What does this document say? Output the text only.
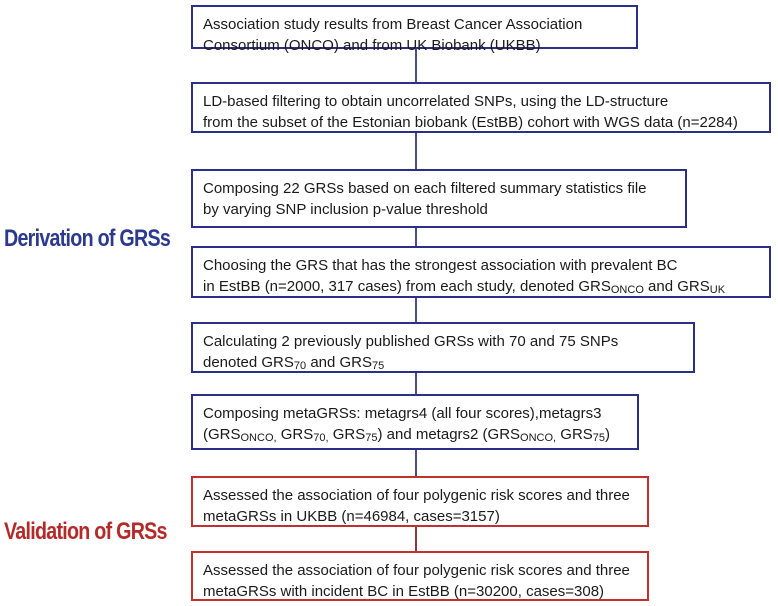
Derivation of GRSs
Validation of GRSs

Association study results from Breast Cancer Association

Consortium (ONCO) and from UK Biobank (UKBB)

LD-based filtering to obtain uncorrelated SNPs, using the LD-structure

from the subset of the Estonian biobank (EstBB) cohort with WGS data (n=2284)

Composing 22 GRSs based on each filtered summary statistics file

by varying SNP inclusion p-value threshold

Choosing the GRS that has the strongest association with prevalent BC

in EstBB (n=2000, 317 cases) from each study, denoted GRSONCO and GRSUK

Calculating 2 previously published GRSs with 70 and 75 SNPs

denoted GRS70 and GRS75

Composing metaGRSs: metagrs4 (all four scores),metagrs3

(GRSONCO, GRS70, GRS75) and metagrs2 (GRSONCO, GRS75)

Assessed the association of four polygenic risk scores and three

metaGRSs in UKBB (n=46984, cases=3157)

Assessed the association of four polygenic risk scores and three

metaGRSs with incident BC in EstBB (n=30200, cases=308)
